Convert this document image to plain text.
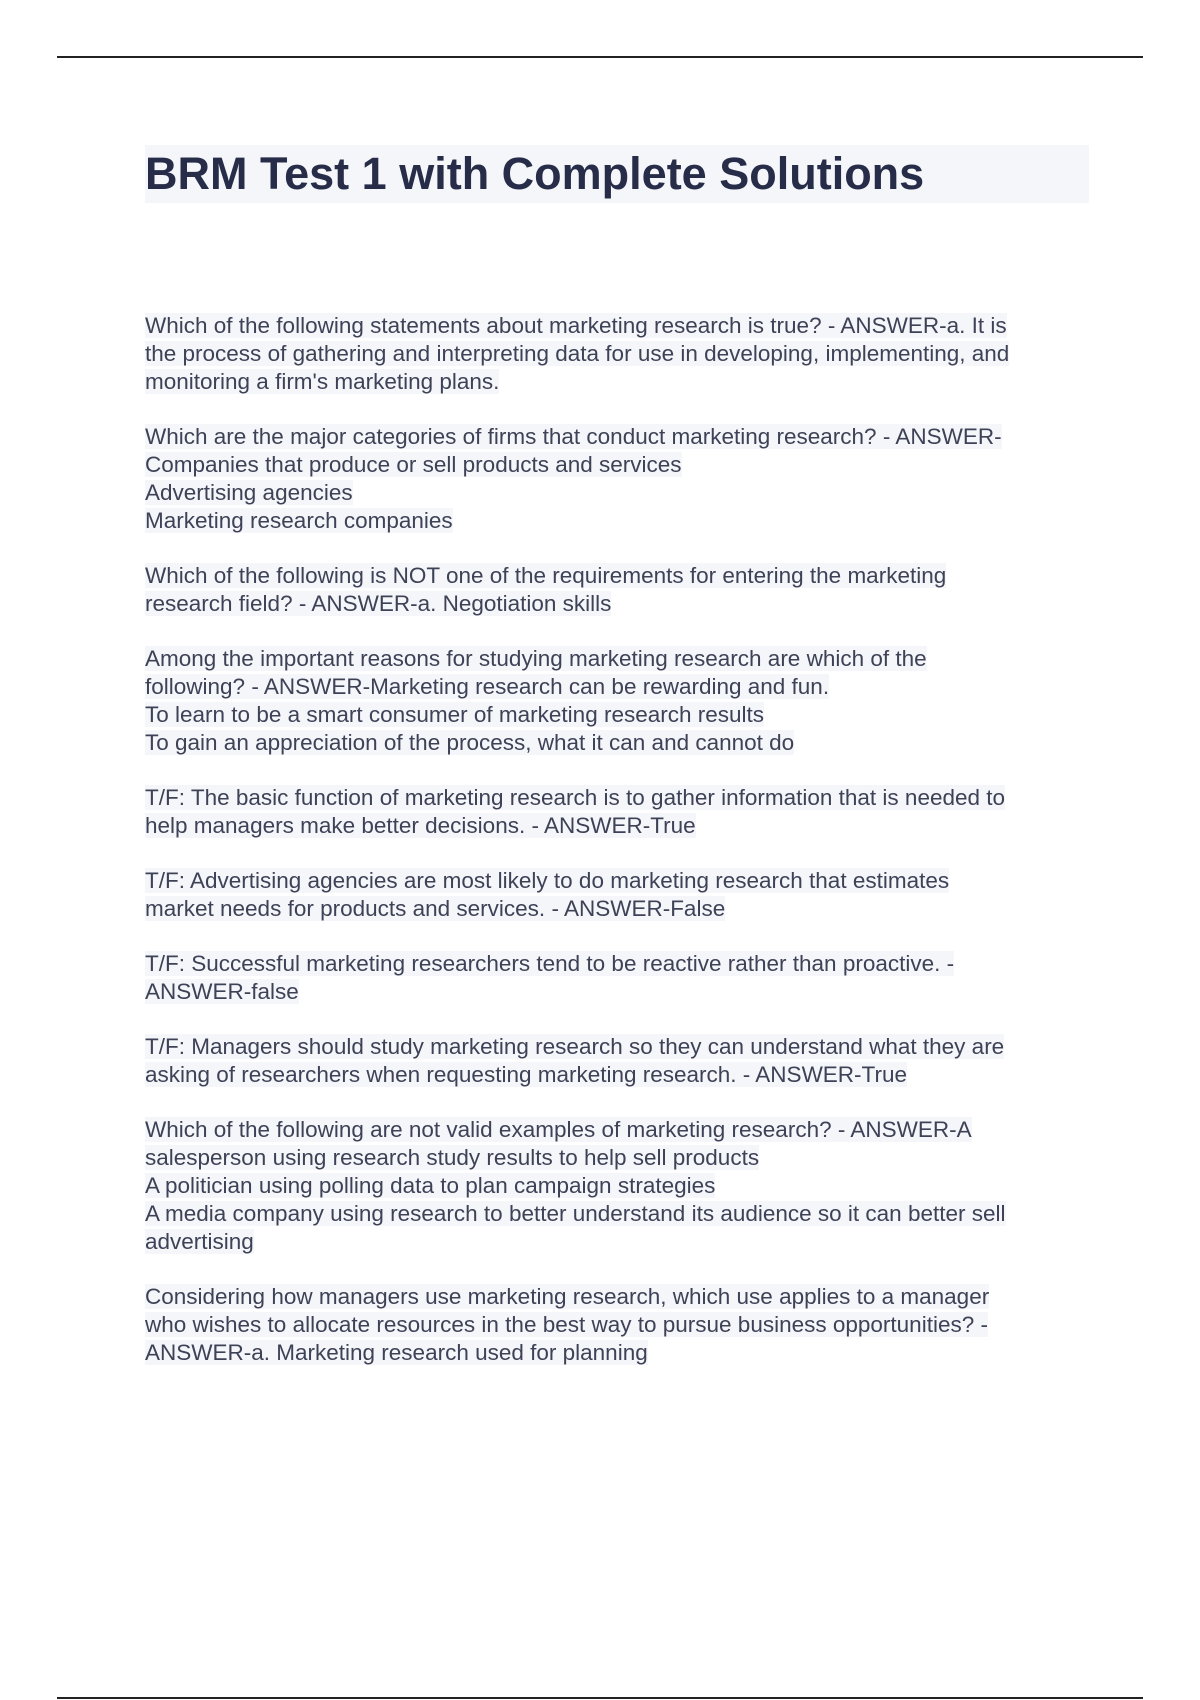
BRM Test 1 with Complete Solutions
Which of the following statements about marketing research is true? - ANSWER-a. It is
the process of gathering and interpreting data for use in developing, implementing, and
monitoring a firm's marketing plans.
Which are the major categories of firms that conduct marketing research? - ANSWER-
Companies that produce or sell products and services
Advertising agencies
Marketing research companies
Which of the following is NOT one of the requirements for entering the marketing
research field? - ANSWER-a. Negotiation skills
Among the important reasons for studying marketing research are which of the
following? - ANSWER-Marketing research can be rewarding and fun.
To learn to be a smart consumer of marketing research results
To gain an appreciation of the process, what it can and cannot do
T/F: The basic function of marketing research is to gather information that is needed to
help managers make better decisions. - ANSWER-True
T/F: Advertising agencies are most likely to do marketing research that estimates
market needs for products and services. - ANSWER-False
T/F: Successful marketing researchers tend to be reactive rather than proactive. -
ANSWER-false
T/F: Managers should study marketing research so they can understand what they are
asking of researchers when requesting marketing research. - ANSWER-True
Which of the following are not valid examples of marketing research? - ANSWER-A
salesperson using research study results to help sell products
A politician using polling data to plan campaign strategies
A media company using research to better understand its audience so it can better sell
advertising
Considering how managers use marketing research, which use applies to a manager
who wishes to allocate resources in the best way to pursue business opportunities? -
ANSWER-a. Marketing research used for planning
